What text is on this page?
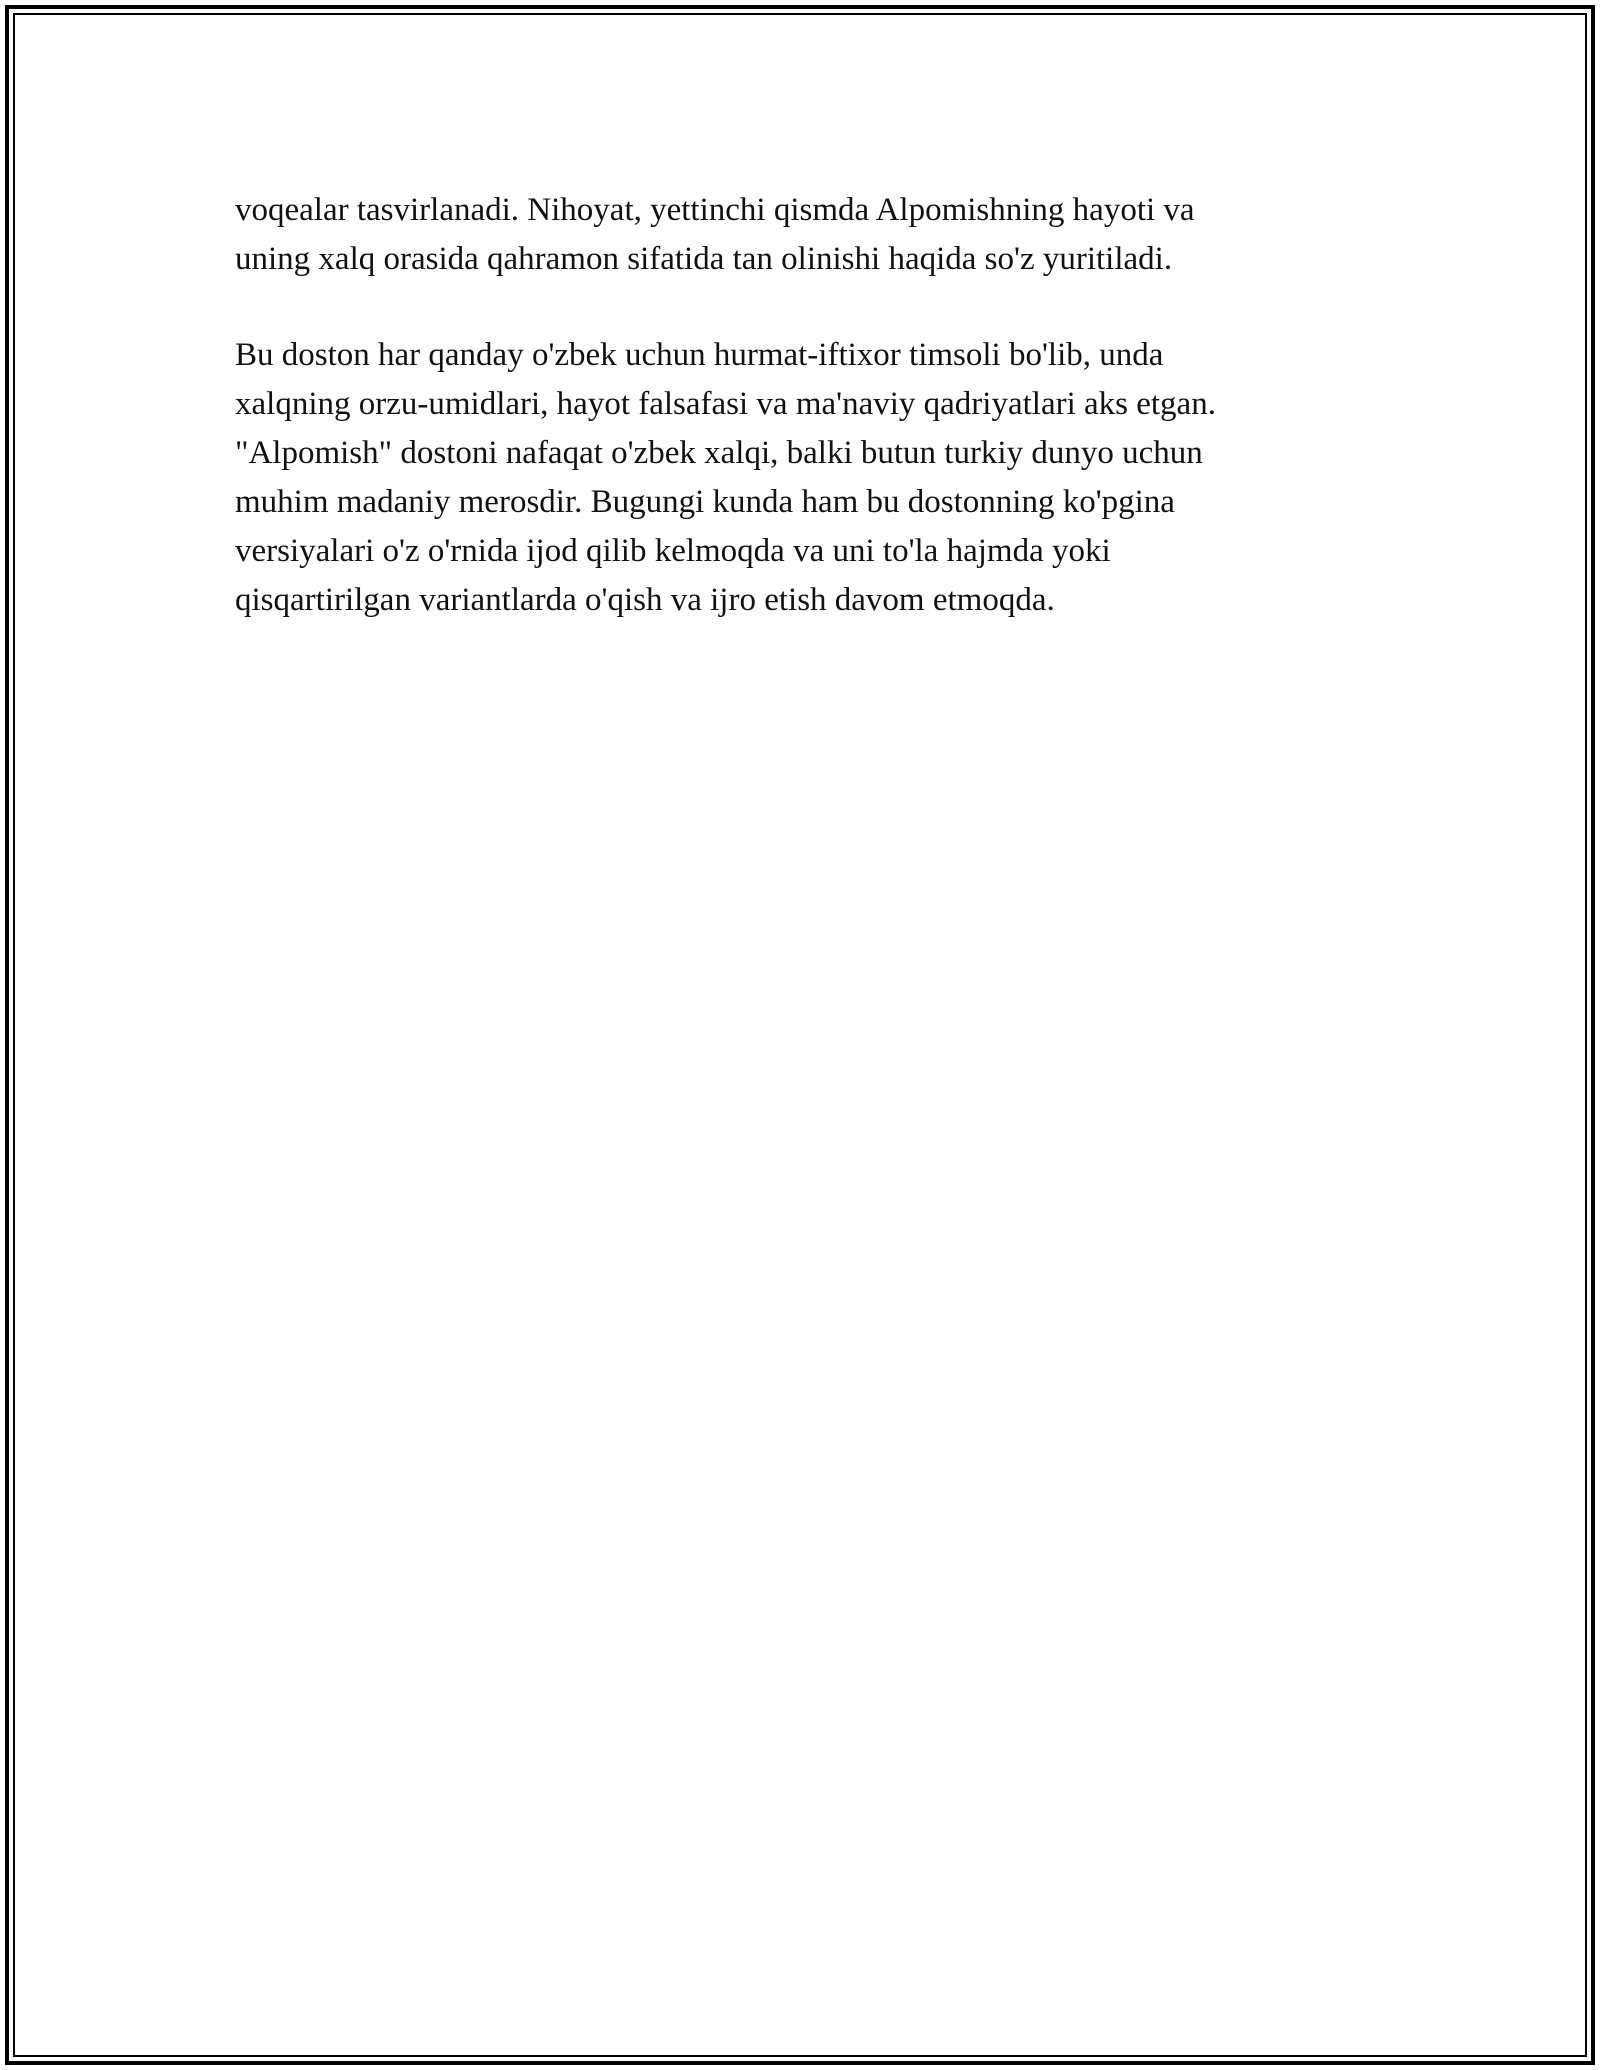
voqealar tasvirlanadi. Nihoyat, yettinchi qismda Alpomishning hayoti va
uning xalq orasida qahramon sifatida tan olinishi haqida so'z yuritiladi.

Bu doston har qanday o'zbek uchun hurmat-iftixor timsoli bo'lib, unda
xalqning orzu-umidlari, hayot falsafasi va ma'naviy qadriyatlari aks etgan.
"Alpomish" dostoni nafaqat o'zbek xalqi, balki butun turkiy dunyo uchun
muhim madaniy merosdir. Bugungi kunda ham bu dostonning ko'pgina
versiyalari o'z o'rnida ijod qilib kelmoqda va uni to'la hajmda yoki
qisqartirilgan variantlarda o'qish va ijro etish davom etmoqda.
